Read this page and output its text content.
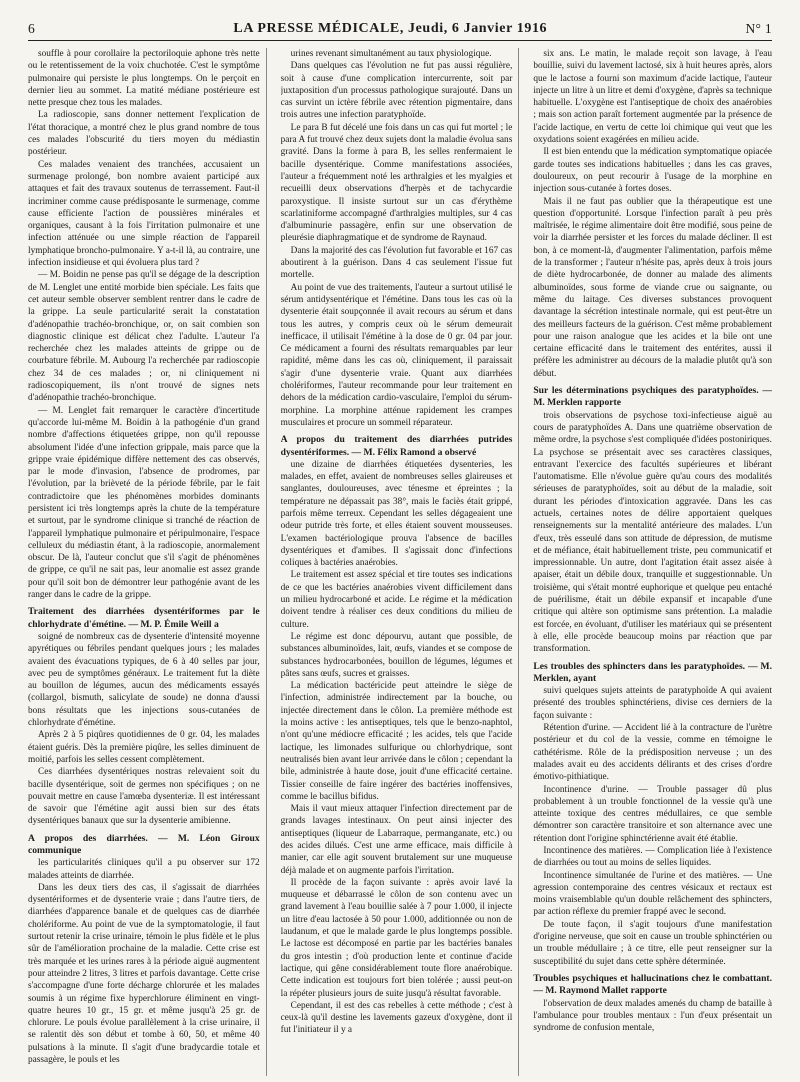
6	LA PRESSE MÉDICALE, Jeudi, 6 Janvier 1916	N° 1

souffle à pour corollaire la pectoriloquie aphone très nette ou le retentissement de la voix chuchotée. C'est le symptôme pulmonaire qui persiste le plus longtemps. On le perçoit en dernier lieu au sommet. La matité médiane postérieure est nette presque chez tous les malades.

La radioscopie, sans donner nettement l'explication de l'état thoracique, a montré chez le plus grand nombre de tous ces malades l'obscurité du tiers moyen du médiastin postérieur.

Ces malades venaient des tranchées, accusaient un surmenage prolongé, bon nombre avaient participé aux attaques et fait des travaux soutenus de terrassement. Faut-il incriminer comme cause prédisposante le surmenage, comme cause efficiente l'action de poussières minérales et organiques, causant à la fois l'irritation pulmonaire et une infection atténuée ou une simple réaction de l'appareil lymphatique broncho-pulmonaire. Y a-t-il là, au contraire, une infection insidieuse et qui évoluera plus tard ?

— M. Boidin ne pense pas qu'il se dégage de la description de M. Lenglet une entité morbide bien spéciale. Les faits que cet auteur semble observer semblent rentrer dans le cadre de la grippe. La seule particularité serait la constatation d'adénopathie trachéo-bronchique, or, on sait combien son diagnostic clinique est délicat chez l'adulte. L'auteur l'a recherchée chez les malades atteints de grippe ou de courbature fébrile. M. Aubourg l'a recherchée par radioscopie chez 34 de ces malades ; or, ni cliniquement ni radioscopiquement, ils n'ont trouvé de signes nets d'adénopathie trachéo-bronchique.

— M. Lenglet fait remarquer le caractère d'incertitude qu'accorde lui-même M. Boidin à la pathogénie d'un grand nombre d'affections étiquetées grippe, non qu'il repousse absolument l'idée d'une infection grippale, mais parce que la grippe vraie épidémique diffère nettement des cas observés, par le mode d'invasion, l'absence de prodromes, par l'évolution, par la brièveté de la période fébrile, par le fait contradictoire que les phénomènes morbides dominants persistent ici très longtemps après la chute de la température et surtout, par le syndrome clinique si tranché de réaction de l'appareil lymphatique pulmonaire et péripulmonaire, l'espace celluleux du médiastin étant, à la radioscopie, anormalement obscur. De là, l'auteur conclut que s'il s'agit de phénomènes de grippe, ce qu'il ne sait pas, leur anomalie est assez grande pour qu'il soit bon de démontrer leur pathogénie avant de les ranger dans le cadre de la grippe.

Traitement des diarrhées dysentériformes par le chlorhydrate d'émétine. — M. P. Émile Weill a

soigné de nombreux cas de dysenterie d'intensité moyenne apyrétiques ou fébriles pendant quelques jours ; les malades avaient des évacuations typiques, de 6 à 40 selles par jour, avec peu de symptômes généraux. Le traitement fut la diète au bouillon de légumes, aucun des médicaments essayés (collargol, bismuth, salicylate de soude) ne donna d'aussi bons résultats que les injections sous-cutanées de chlorhydrate d'émétine.

Après 2 à 5 piqûres quotidiennes de 0 gr. 04, les malades étaient guéris. Dès la première piqûre, les selles diminuent de moitié, parfois les selles cessent complètement.

Ces diarrhées dysentériques nostras relevaient soit du bacille dysentérique, soit de germes non spécifiques ; on ne pouvait mettre en cause l'amœba dysenteriæ. Il est intéressant de savoir que l'émétine agit aussi bien sur des états dysentériques banaux que sur la dysenterie amibienne.

A propos des diarrhées. — M. Léon Giroux communique

les particularités cliniques qu'il a pu observer sur 172 malades atteints de diarrhée.

Dans les deux tiers des cas, il s'agissait de diarrhées dysentériformes et de dysenterie vraie ; dans l'autre tiers, de diarrhées d'apparence banale et de quelques cas de diarrhée cholériforme. Au point de vue de la symptomatologie, il faut surtout retenir la crise urinaire, témoin le plus fidèle et le plus sûr de l'amélioration prochaine de la maladie. Cette crise est très marquée et les urines rares à la période aiguë augmentent pour atteindre 2 litres, 3 litres et parfois davantage. Cette crise s'accompagne d'une forte décharge chlorurée et les malades soumis à un régime fixe hyperchlorure éliminent en vingt-quatre heures 10 gr., 15 gr. et même jusqu'à 25 gr. de chlorure. Le pouls évolue parallèlement à la crise urinaire, il se ralentit dès son début et tombe à 60, 50, et même 40 pulsations à la minute. Il s'agit d'une bradycardie totale et passagère, le pouls et les

urines revenant simultanément au taux physiologique.

Dans quelques cas l'évolution ne fut pas aussi régulière, soit à cause d'une complication intercurrente, soit par juxtaposition d'un processus pathologique surajouté. Dans un cas survint un ictère fébrile avec rétention pigmentaire, dans trois autres une infection paratyphoïde.

Le para B fut décelé une fois dans un cas qui fut mortel ; le para A fut trouvé chez deux sujets dont la maladie évolua sans gravité. Dans la forme à para B, les selles renfermaient le bacille dysentérique. Comme manifestations associées, l'auteur a fréquemment noté les arthralgies et les myalgies et recueilli deux observations d'herpès et de tachycardie paroxystique. Il insiste surtout sur un cas d'érythème scarlatiniforme accompagné d'arthralgies multiples, sur 4 cas d'albuminurie passagère, enfin sur une observation de pleurésie diaphragmatique et de syndrome de Raynaud.

Dans la majorité des cas l'évolution fut favorable et 167 cas aboutirent à la guérison. Dans 4 cas seulement l'issue fut mortelle.

Au point de vue des traitements, l'auteur a surtout utilisé le sérum antidysentérique et l'émétine. Dans tous les cas où la dysenterie était soupçonnée il avait recours au sérum et dans tous les autres, y compris ceux où le sérum demeurait inefficace, il utilisait l'émétine à la dose de 0 gr. 04 par jour. Ce médicament a fourni des résultats remarquables par leur rapidité, même dans les cas où, cliniquement, il paraissait s'agir d'une dysenterie vraie. Quant aux diarrhées cholériformes, l'auteur recommande pour leur traitement en dehors de la médication cardio-vasculaire, l'emploi du sérum-morphine. La morphine atténue rapidement les crampes musculaires et procure un sommeil réparateur.

A propos du traitement des diarrhées putrides dysentériformes. — M. Félix Ramond a observé

une dizaine de diarrhées étiquetées dysenteries, les malades, en effet, avaient de nombreuses selles glaireuses et sanglantes, douloureuses, avec ténesme et épreintes ; la température ne dépassait pas 38°, mais le faciès était grippé, parfois même terreux. Cependant les selles dégageaient une odeur putride très forte, et elles étaient souvent mousseuses. L'examen bactériologique prouva l'absence de bacilles dysentériques et d'amibes. Il s'agissait donc d'infections coliques à bactéries anaérobies.

Le traitement est assez spécial et tire toutes ses indications de ce que les bactéries anaérobies vivent difficilement dans un milieu hydrocarboné et acide. Le régime et la médication doivent tendre à réaliser ces deux conditions du milieu de culture.

Le régime est donc dépourvu, autant que possible, de substances albuminoïdes, lait, œufs, viandes et se compose de substances hydrocarbonées, bouillon de légumes, légumes et pâtes sans œufs, sucres et graisses.

La médication bactéricide peut atteindre le siège de l'infection, administrée indirectement par la bouche, ou injectée directement dans le côlon. La première méthode est la moins active : les antiseptiques, tels que le benzo-naphtol, n'ont qu'une médiocre efficacité ; les acides, tels que l'acide lactique, les limonades sulfurique ou chlorhydrique, sont neutralisés bien avant leur arrivée dans le côlon ; cependant la bile, administrée à haute dose, jouit d'une efficacité certaine. Tissier conseille de faire ingérer des bactéries inoffensives, comme le bacillus bifidus.

Mais il vaut mieux attaquer l'infection directement par de grands lavages intestinaux. On peut ainsi injecter des antiseptiques (liqueur de Labarraque, permanganate, etc.) ou des acides dilués. C'est une arme efficace, mais difficile à manier, car elle agit souvent brutalement sur une muqueuse déjà malade et on augmente parfois l'irritation.

Il procède de la façon suivante : après avoir lavé la muqueuse et débarrassé le côlon de son contenu avec un grand lavement à l'eau bouillie salée à 7 pour 1.000, il injecte un litre d'eau lactosée à 50 pour 1.000, additionnée ou non de laudanum, et que le malade garde le plus longtemps possible. Le lactose est décomposé en partie par les bactéries banales du gros intestin ; d'où production lente et continue d'acide lactique, qui gêne considérablement toute flore anaérobique. Cette indication est toujours fort bien tolérée ; aussi peut-on la répéter plusieurs jours de suite jusqu'à résultat favorable.

Cependant, il est des cas rebelles à cette méthode ; c'est à ceux-là qu'il destine les lavements gazeux d'oxygène, dont il fut l'initiateur il y a

six ans. Le matin, le malade reçoit son lavage, à l'eau bouillie, suivi du lavement lactosé, six à huit heures après, alors que le lactose a fourni son maximum d'acide lactique, l'auteur injecte un litre à un litre et demi d'oxygène, d'après sa technique habituelle. L'oxygène est l'antiseptique de choix des anaérobies ; mais son action paraît fortement augmentée par la présence de l'acide lactique, en vertu de cette loi chimique qui veut que les oxydations soient exagérées en milieu acide.

Il est bien entendu que la médication symptomatique opiacée garde toutes ses indications habituelles ; dans les cas graves, douloureux, on peut recourir à l'usage de la morphine en injection sous-cutanée à fortes doses.

Mais il ne faut pas oublier que la thérapeutique est une question d'opportunité. Lorsque l'infection paraît à peu près maîtrisée, le régime alimentaire doit être modifié, sous peine de voir la diarrhée persister et les forces du malade décliner. Il est bon, à ce moment-là, d'augmenter l'alimentation, parfois même de la transformer ; l'auteur n'hésite pas, après deux à trois jours de diète hydrocarbonée, de donner au malade des aliments albuminoïdes, sous forme de viande crue ou saignante, ou même du laitage. Ces diverses substances provoquent davantage la sécrétion intestinale normale, qui est peut-être un des meilleurs facteurs de la guérison. C'est même probablement pour une raison analogue que les acides et la bile ont une certaine efficacité dans le traitement des entérites, aussi il préfère les administrer au décours de la maladie plutôt qu'à son début.

Sur les déterminations psychiques des paratyphoïdes. — M. Merklen rapporte

trois observations de psychose toxi-infectieuse aiguë au cours de paratyphoïdes A. Dans une quatrième observation de même ordre, la psychose s'est compliquée d'idées postoniriques. La psychose se présentait avec ses caractères classiques, entravant l'exercice des facultés supérieures et libérant l'automatisme. Elle n'évolue guère qu'au cours des modalités sérieuses de paratyphoïdes, soit au début de la maladie, soit durant les périodes d'intoxication aggravée. Dans les cas actuels, certaines notes de délire apportaient quelques renseignements sur la mentalité antérieure des malades. L'un d'eux, très esseulé dans son attitude de dépression, de mutisme et de méfiance, était habituellement triste, peu communicatif et impressionnable. Un autre, dont l'agitation était assez aisée à apaiser, était un débile doux, tranquille et suggestionnable. Un troisième, qui s'était montré euphorique et quelque peu entaché de puérilisme, était un débile expansif et incapable d'une critique qui altère son optimisme sans prétention. La maladie est forcée, en évoluant, d'utiliser les matériaux qui se présentent à elle, elle procède beaucoup moins par réaction que par transformation.

Les troubles des sphincters dans les paratyphoïdes. — M. Merklen, ayant

suivi quelques sujets atteints de paratyphoïde A qui avaient présenté des troubles sphinctériens, divise ces derniers de la façon suivante :

Rétention d'urine. — Accident lié à la contracture de l'urètre postérieur et du col de la vessie, comme en témoigne le cathétérisme. Rôle de la prédisposition nerveuse ; un des malades avait eu des accidents délirants et des crises d'ordre émotivo-pithiatique.

Incontinence d'urine. — Trouble passager dû plus probablement à un trouble fonctionnel de la vessie qu'à une atteinte toxique des centres médullaires, ce que semble démontrer son caractère transitoire et son alternance avec une rétention dont l'origine sphinctérienne avait été établie.

Incontinence des matières. — Complication liée à l'existence de diarrhées ou tout au moins de selles liquides.

Incontinence simultanée de l'urine et des matières. — Une agression contemporaine des centres vésicaux et rectaux est moins vraisemblable qu'un double relâchement des sphincters, par action réflexe du premier frappé avec le second.

De toute façon, il s'agit toujours d'une manifestation d'origine nerveuse, que soit en cause un trouble sphinctérien ou un trouble médullaire ; à ce titre, elle peut renseigner sur la susceptibilité du sujet dans cette sphère déterminée.

Troubles psychiques et hallucinations chez le combattant. — M. Raymond Mallet rapporte

l'observation de deux malades amenés du champ de bataille à l'ambulance pour troubles mentaux : l'un d'eux présentait un syndrome de confusion mentale,
